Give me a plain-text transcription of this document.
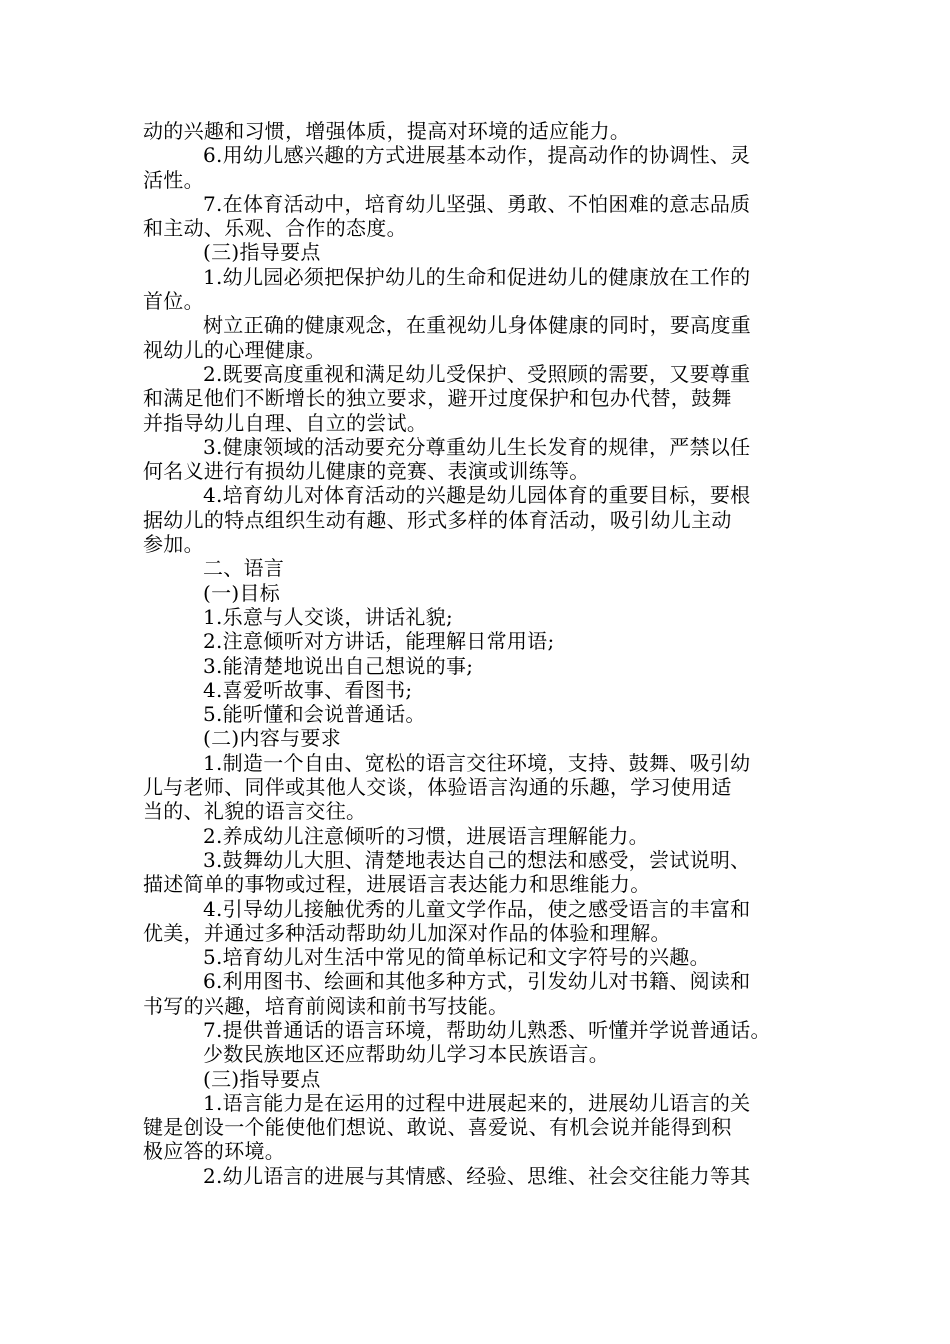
动的兴趣和习惯，增强体质，提高对环境的适应能力。
6.用幼儿感兴趣的方式进展基本动作，提高动作的协调性、灵
活性。
7.在体育活动中，培育幼儿坚强、勇敢、不怕困难的意志品质
和主动、乐观、合作的态度。
(三)指导要点
1.幼儿园必须把保护幼儿的生命和促进幼儿的健康放在工作的
首位。
树立正确的健康观念，在重视幼儿身体健康的同时，要高度重
视幼儿的心理健康。
2.既要高度重视和满足幼儿受保护、受照顾的需要，又要尊重
和满足他们不断增长的独立要求，避开过度保护和包办代替，鼓舞
并指导幼儿自理、自立的尝试。
3.健康领域的活动要充分尊重幼儿生长发育的规律，严禁以任
何名义进行有损幼儿健康的竞赛、表演或训练等。
4.培育幼儿对体育活动的兴趣是幼儿园体育的重要目标，要根
据幼儿的特点组织生动有趣、形式多样的体育活动，吸引幼儿主动
参加。
二、语言
(一)目标
1.乐意与人交谈，讲话礼貌;
2.注意倾听对方讲话，能理解日常用语;
3.能清楚地说出自己想说的事;
4.喜爱听故事、看图书;
5.能听懂和会说普通话。
(二)内容与要求
1.制造一个自由、宽松的语言交往环境，支持、鼓舞、吸引幼
儿与老师、同伴或其他人交谈，体验语言沟通的乐趣，学习使用适
当的、礼貌的语言交往。
2.养成幼儿注意倾听的习惯，进展语言理解能力。
3.鼓舞幼儿大胆、清楚地表达自己的想法和感受，尝试说明、
描述简单的事物或过程，进展语言表达能力和思维能力。
4.引导幼儿接触优秀的儿童文学作品，使之感受语言的丰富和
优美，并通过多种活动帮助幼儿加深对作品的体验和理解。
5.培育幼儿对生活中常见的简单标记和文字符号的兴趣。
6.利用图书、绘画和其他多种方式，引发幼儿对书籍、阅读和
书写的兴趣，培育前阅读和前书写技能。
7.提供普通话的语言环境，帮助幼儿熟悉、听懂并学说普通话。
少数民族地区还应帮助幼儿学习本民族语言。
(三)指导要点
1.语言能力是在运用的过程中进展起来的，进展幼儿语言的关
键是创设一个能使他们想说、敢说、喜爱说、有机会说并能得到积
极应答的环境。
2.幼儿语言的进展与其情感、经验、思维、社会交往能力等其
